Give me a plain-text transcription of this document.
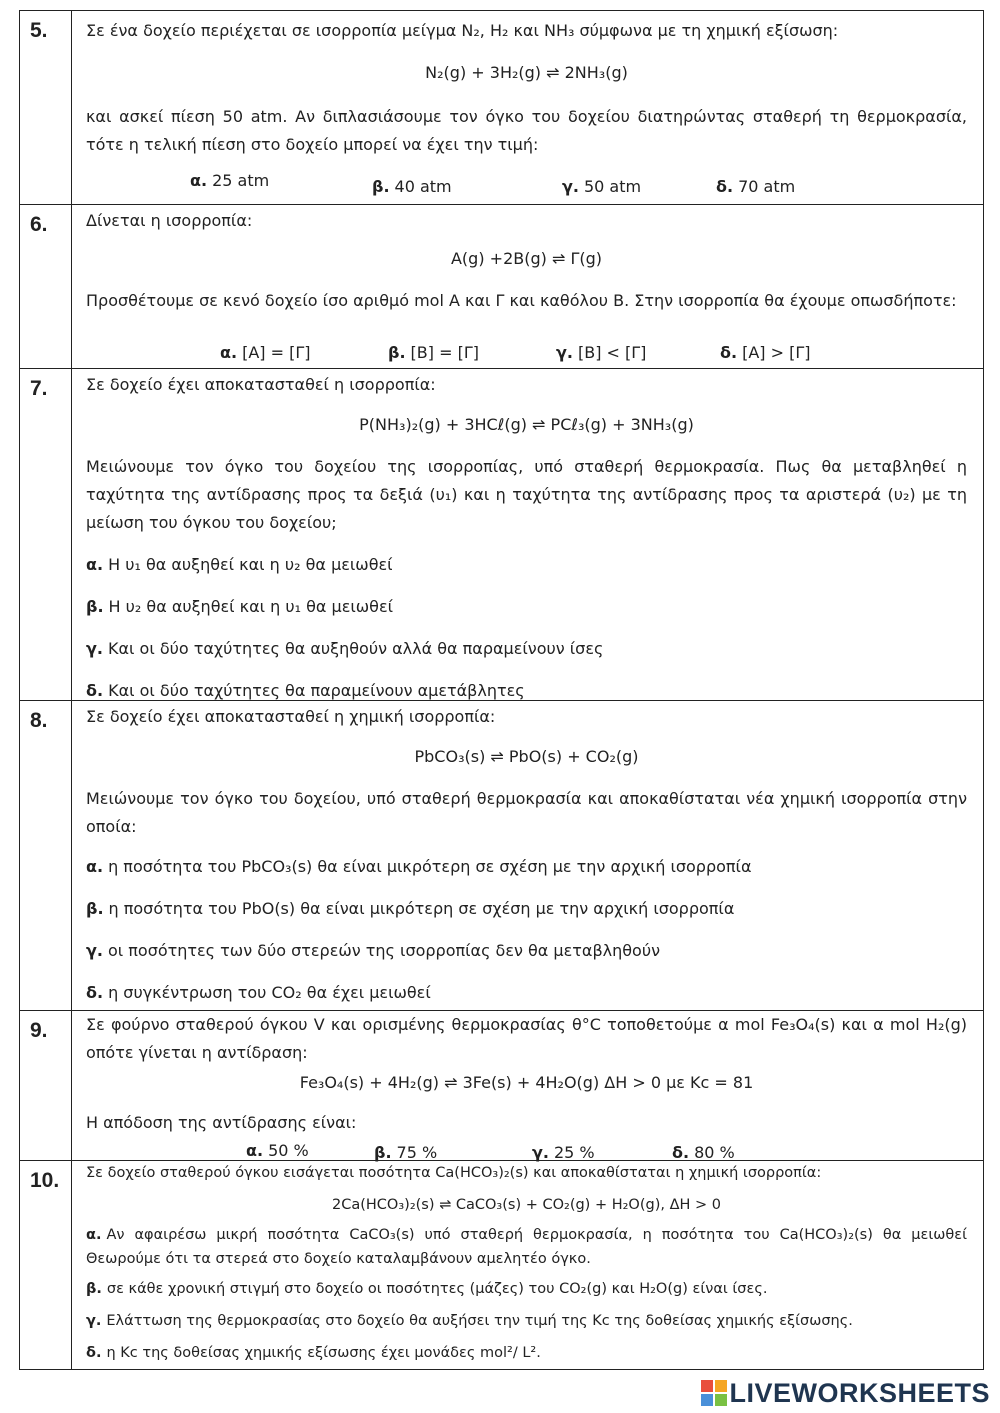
5.	Σε ένα δοχείο περιέχεται σε ισορροπία μείγμα N₂, H₂ και NH₃ σύμφωνα με τη χημική εξίσωση:

N₂(g) + 3H₂(g) ⇌ 2NH₃(g)

και ασκεί πίεση 50 atm. Αν διπλασιάσουμε τον όγκο του δοχείου διατηρώντας σταθερή τη θερμοκρασία, τότε η τελική πίεση στο δοχείο μπορεί να έχει την τιμή:

α. 25 atm	β. 40 atm	γ. 50 atm	δ. 70 atm
6.	Δίνεται η ισορροπία:

A(g) +2B(g) ⇌ Γ(g)

Προσθέτουμε σε κενό δοχείο ίσο αριθμό mol Α και Γ και καθόλου Β. Στην ισορροπία θα έχουμε οπωσδήποτε:

α. [A] = [Γ]	β. [B] = [Γ]	γ. [B] < [Γ]	δ. [A] > [Γ]
7.	Σε δοχείο έχει αποκατασταθεί η ισορροπία:

P(NH₃)₂(g) + 3HCℓ(g) ⇌ PCℓ₃(g) + 3NH₃(g)

Μειώνουμε τον όγκο του δοχείου της ισορροπίας, υπό σταθερή θερμοκρασία. Πως θα μεταβληθεί η ταχύτητα της αντίδρασης προς τα δεξιά (υ₁) και η ταχύτητα της αντίδρασης προς τα αριστερά (υ₂) με τη μείωση του όγκου του δοχείου;

α. Η υ₁ θα αυξηθεί και η υ₂ θα μειωθεί
β. Η υ₂ θα αυξηθεί και η υ₁ θα μειωθεί
γ. Και οι δύο ταχύτητες θα αυξηθούν αλλά θα παραμείνουν ίσες
δ. Και οι δύο ταχύτητες θα παραμείνουν αμετάβλητες
8.	Σε δοχείο έχει αποκατασταθεί η χημική ισορροπία:

PbCO₃(s) ⇌ PbO(s) + CO₂(g)

Μειώνουμε τον όγκο του δοχείου, υπό σταθερή θερμοκρασία και αποκαθίσταται νέα χημική ισορροπία στην οποία:

α. η ποσότητα του PbCO₃(s) θα είναι μικρότερη σε σχέση με την αρχική ισορροπία
β. η ποσότητα του PbO(s) θα είναι μικρότερη σε σχέση με την αρχική ισορροπία
γ. οι ποσότητες των δύο στερεών της ισορροπίας δεν θα μεταβληθούν
δ. η συγκέντρωση του CO₂ θα έχει μειωθεί
9.	Σε φούρνο σταθερού όγκου V και ορισμένης θερμοκρασίας θ°C τοποθετούμε α mol Fe₃O₄(s) και α mol H₂(g) οπότε γίνεται η αντίδραση:

Fe₃O₄(s) + 4H₂(g) ⇌ 3Fe(s) + 4H₂O(g) ΔH > 0 με Kc = 81

Η απόδοση της αντίδρασης είναι:

α. 50 %	β. 75 %	γ. 25 %	δ. 80 %
10.	Σε δοχείο σταθερού όγκου εισάγεται ποσότητα Ca(HCO₃)₂(s) και αποκαθίσταται η χημική ισορροπία:

2Ca(HCO₃)₂(s) ⇌ CaCO₃(s) + CO₂(g) + H₂O(g), ΔH > 0

α. Αν αφαιρέσω μικρή ποσότητα CaCO₃(s) υπό σταθερή θερμοκρασία, η ποσότητα του Ca(HCO₃)₂(s) θα μειωθεί Θεωρούμε ότι τα στερεά στο δοχείο καταλαμβάνουν αμελητέο όγκο.
β. σε κάθε χρονική στιγμή στο δοχείο οι ποσότητες (μάζες) του CO₂(g) και H₂O(g) είναι ίσες.
γ. Ελάττωση της θερμοκρασίας στο δοχείο θα αυξήσει την τιμή της Kc της δοθείσας χημικής εξίσωσης.
δ. η Kc της δοθείσας χημικής εξίσωσης έχει μονάδες mol²/ L².
LIVEWORKSHEETS
